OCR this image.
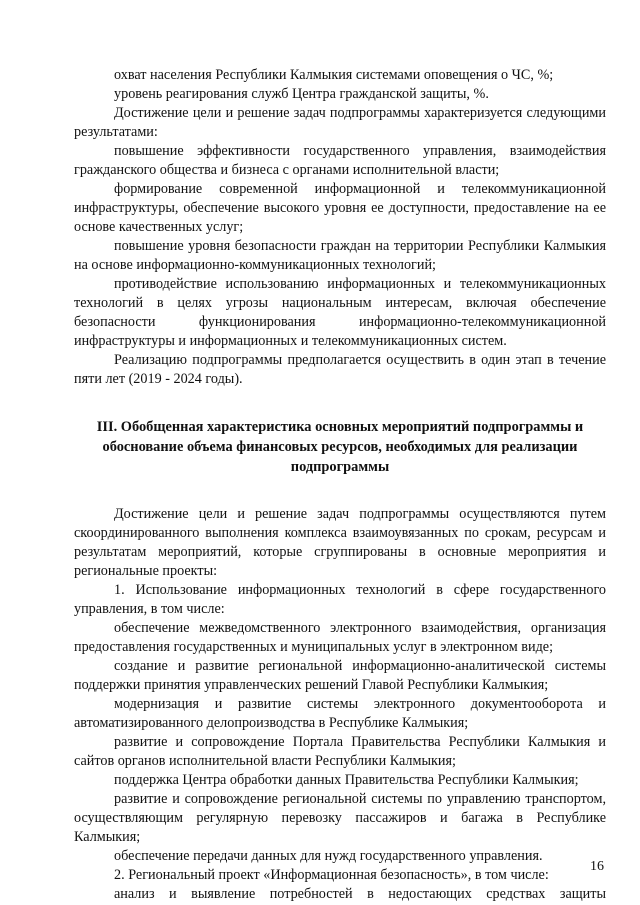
охват населения Республики Калмыкия системами оповещения о ЧС, %;

уровень реагирования служб Центра гражданской защиты, %.

Достижение цели и решение задач подпрограммы характеризуется следующими результатами:

повышение эффективности государственного управления, взаимодействия гражданского общества и бизнеса с органами исполнительной власти;

формирование современной информационной и телекоммуникационной инфраструктуры, обеспечение высокого уровня ее доступности, предоставление на ее основе качественных услуг;

повышение уровня безопасности граждан на территории Республики Калмыкия на основе информационно-коммуникационных технологий;

противодействие использованию информационных и телекоммуникационных технологий в целях угрозы национальным интересам, включая обеспечение безопасности функционирования информационно-телекоммуникационной инфраструктуры и информационных и телекоммуникационных систем.

Реализацию подпрограммы предполагается осуществить в один этап в течение пяти лет (2019 - 2024 годы).

III. Обобщенная характеристика основных мероприятий подпрограммы и обоснование объема финансовых ресурсов, необходимых для реализации подпрограммы

Достижение цели и решение задач подпрограммы осуществляются путем скоординированного выполнения комплекса взаимоувязанных по срокам, ресурсам и результатам мероприятий, которые сгруппированы в основные мероприятия и региональные проекты:

1. Использование информационных технологий в сфере государственного управления, в том числе:

обеспечение межведомственного электронного взаимодействия, организация предоставления государственных и муниципальных услуг в электронном виде;

создание и развитие региональной информационно-аналитической системы поддержки принятия управленческих решений Главой Республики Калмыкия;

модернизация и развитие системы электронного документооборота и автоматизированного делопроизводства в Республике Калмыкия;

развитие и сопровождение Портала Правительства Республики Калмыкия и сайтов органов исполнительной власти Республики Калмыкия;

поддержка Центра обработки данных Правительства Республики Калмыкия;

развитие и сопровождение региональной системы по управлению транспортом, осуществляющим регулярную перевозку пассажиров и багажа в Республике Калмыкия;

обеспечение передачи данных для нужд государственного управления.

2. Региональный проект «Информационная безопасность», в том числе:

анализ и выявление потребностей в недостающих средствах защиты

16
